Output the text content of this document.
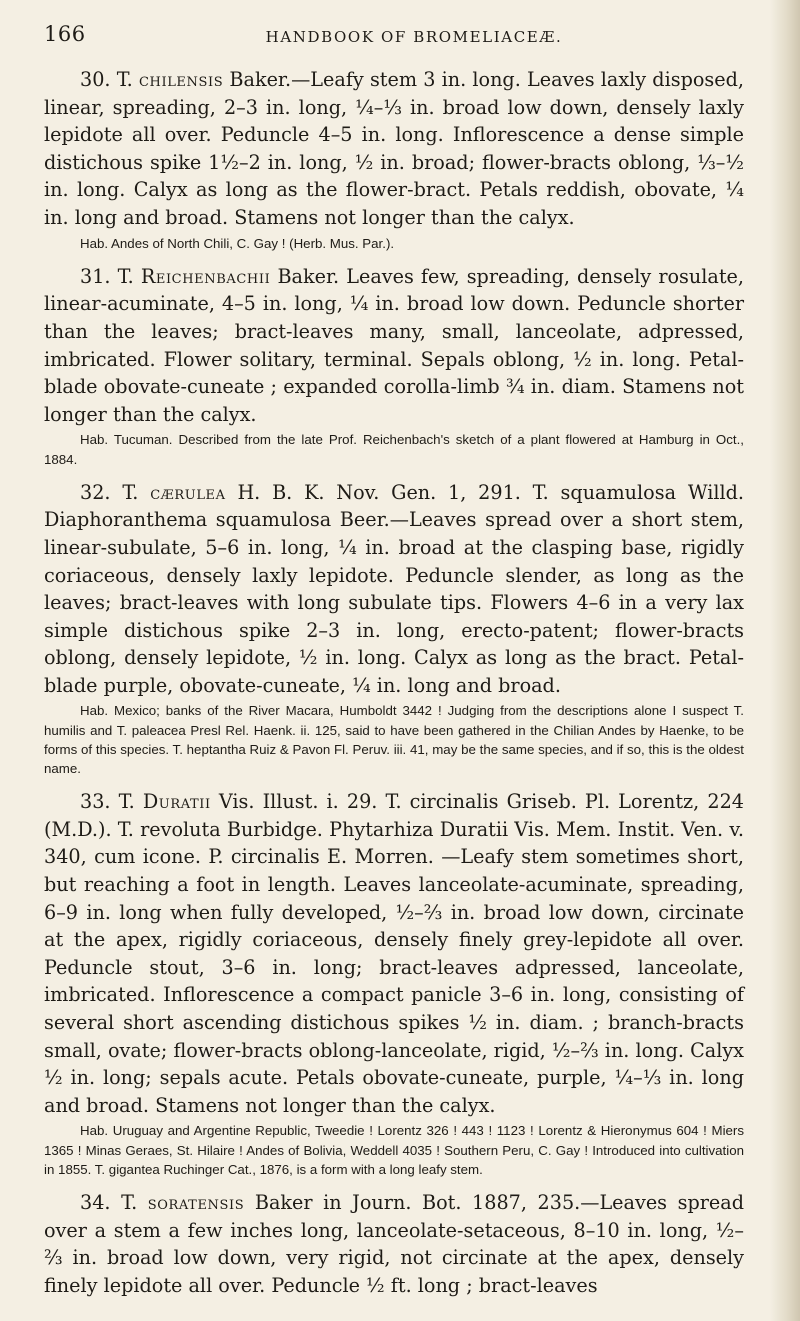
166	HANDBOOK OF BROMELIACEÆ.

30. T. chilensis Baker.—Leafy stem 3 in. long. Leaves laxly disposed, linear, spreading, 2–3 in. long, ¼–⅓ in. broad low down, densely laxly lepidote all over. Peduncle 4–5 in. long. Inflorescence a dense simple distichous spike 1½–2 in. long, ½ in. broad; flower-bracts oblong, ⅓–½ in. long. Calyx as long as the flower-bract. Petals reddish, obovate, ¼ in. long and broad. Stamens not longer than the calyx.

Hab. Andes of North Chili, C. Gay ! (Herb. Mus. Par.).

31. T. Reichenbachii Baker. Leaves few, spreading, densely rosulate, linear-acuminate, 4–5 in. long, ¼ in. broad low down. Peduncle shorter than the leaves; bract-leaves many, small, lanceolate, adpressed, imbricated. Flower solitary, terminal. Sepals oblong, ½ in. long. Petal-blade obovate-cuneate ; expanded corolla-limb ¾ in. diam. Stamens not longer than the calyx.

Hab. Tucuman. Described from the late Prof. Reichenbach's sketch of a plant flowered at Hamburg in Oct., 1884.

32. T. cærulea H. B. K. Nov. Gen. 1, 291. T. squamulosa Willd. Diaphoranthema squamulosa Beer.—Leaves spread over a short stem, linear-subulate, 5–6 in. long, ¼ in. broad at the clasping base, rigidly coriaceous, densely laxly lepidote. Peduncle slender, as long as the leaves; bract-leaves with long subulate tips. Flowers 4–6 in a very lax simple distichous spike 2–3 in. long, erecto-patent; flower-bracts oblong, densely lepidote, ½ in. long. Calyx as long as the bract. Petal-blade purple, obovate-cuneate, ¼ in. long and broad.

Hab. Mexico; banks of the River Macara, Humboldt 3442 ! Judging from the descriptions alone I suspect T. humilis and T. paleacea Presl Rel. Haenk. ii. 125, said to have been gathered in the Chilian Andes by Haenke, to be forms of this species. T. heptantha Ruiz & Pavon Fl. Peruv. iii. 41, may be the same species, and if so, this is the oldest name.

33. T. Duratii Vis. Illust. i. 29. T. circinalis Griseb. Pl. Lorentz, 224 (M.D.). T. revoluta Burbidge. Phytarhiza Duratii Vis. Mem. Instit. Ven. v. 340, cum icone. P. circinalis E. Morren. —Leafy stem sometimes short, but reaching a foot in length. Leaves lanceolate-acuminate, spreading, 6–9 in. long when fully developed, ½–⅔ in. broad low down, circinate at the apex, rigidly coriaceous, densely finely grey-lepidote all over. Peduncle stout, 3–6 in. long; bract-leaves adpressed, lanceolate, imbricated. Inflorescence a compact panicle 3–6 in. long, consisting of several short ascending distichous spikes ½ in. diam. ; branch-bracts small, ovate; flower-bracts oblong-lanceolate, rigid, ½–⅔ in. long. Calyx ½ in. long; sepals acute. Petals obovate-cuneate, purple, ¼–⅓ in. long and broad. Stamens not longer than the calyx.

Hab. Uruguay and Argentine Republic, Tweedie ! Lorentz 326 ! 443 ! 1123 ! Lorentz & Hieronymus 604 ! Miers 1365 ! Minas Geraes, St. Hilaire ! Andes of Bolivia, Weddell 4035 ! Southern Peru, C. Gay ! Introduced into cultivation in 1855. T. gigantea Ruchinger Cat., 1876, is a form with a long leafy stem.

34. T. soratensis Baker in Journ. Bot. 1887, 235.—Leaves spread over a stem a few inches long, lanceolate-setaceous, 8–10 in. long, ½–⅔ in. broad low down, very rigid, not circinate at the apex, densely finely lepidote all over. Peduncle ½ ft. long ; bract-leaves
